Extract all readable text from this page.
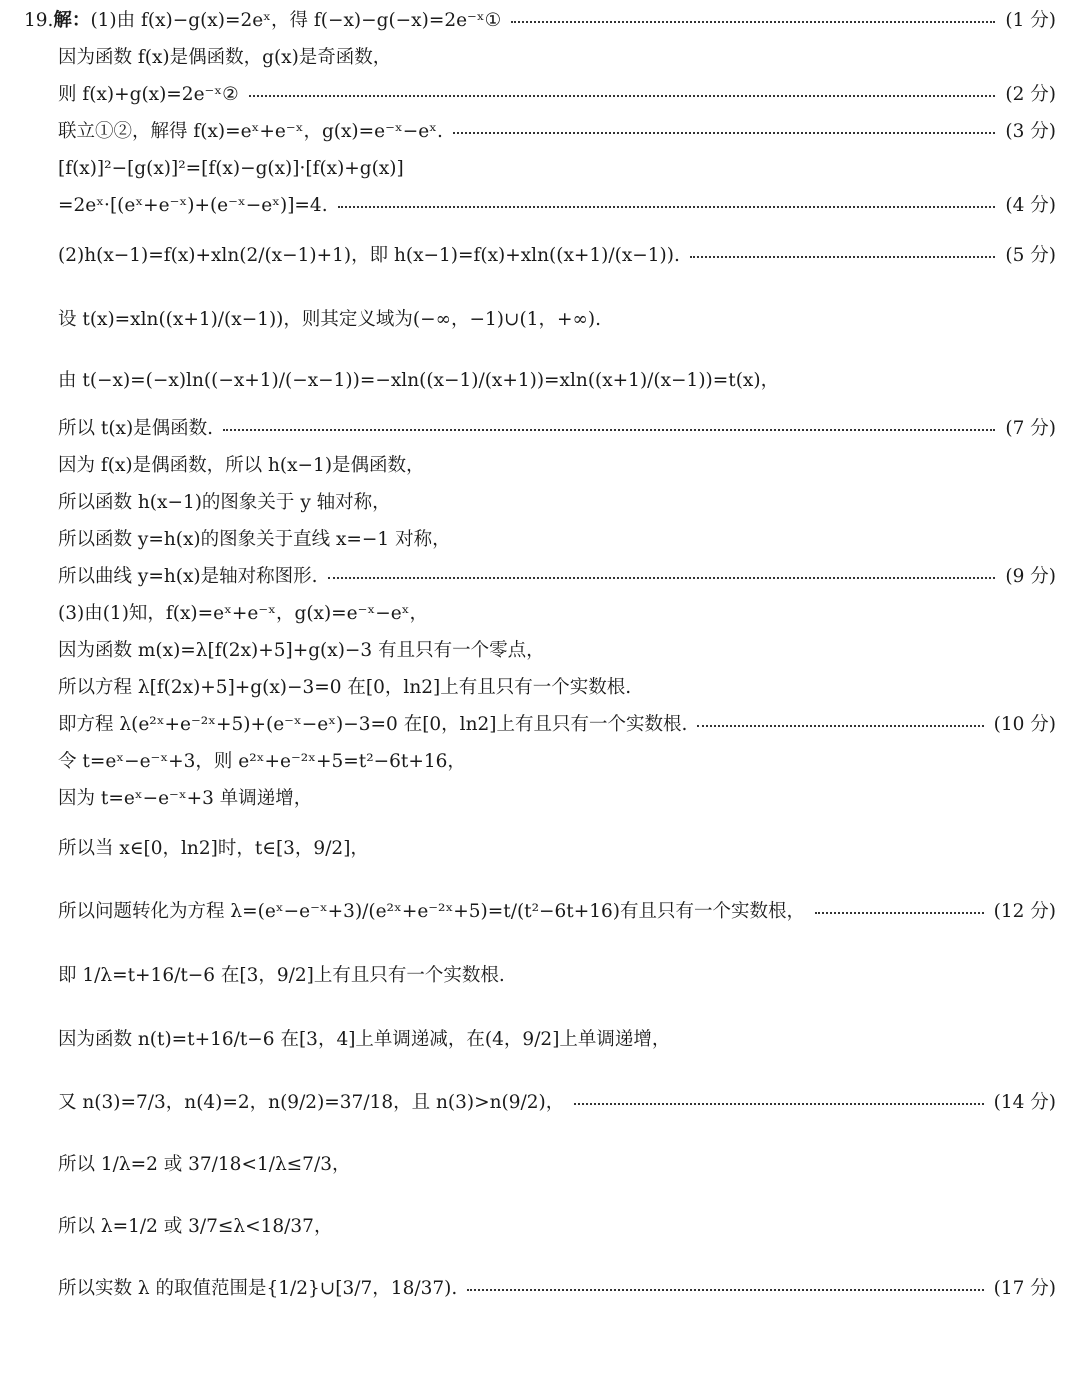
19.解：(1)由 f(x)−g(x)=2eˣ，得 f(−x)−g(−x)=2e⁻ˣ①	(1 分)
因为函数 f(x)是偶函数，g(x)是奇函数，
则 f(x)+g(x)=2e⁻ˣ②	(2 分)
联立①②，解得 f(x)=eˣ+e⁻ˣ，g(x)=e⁻ˣ−eˣ.	(3 分)
[f(x)]²−[g(x)]²=[f(x)−g(x)]·[f(x)+g(x)]
=2eˣ·[(eˣ+e⁻ˣ)+(e⁻ˣ−eˣ)]=4.	(4 分)
(2)h(x−1)=f(x)+xln(2/(x−1)+1)，即 h(x−1)=f(x)+xln((x+1)/(x−1)).	(5 分)
设 t(x)=xln((x+1)/(x−1))，则其定义域为(−∞，−1)∪(1，+∞).
由 t(−x)=(−x)ln((−x+1)/(−x−1))=−xln((x−1)/(x+1))=xln((x+1)/(x−1))=t(x)，
所以 t(x)是偶函数.	(7 分)
因为 f(x)是偶函数，所以 h(x−1)是偶函数，
所以函数 h(x−1)的图象关于 y 轴对称，
所以函数 y=h(x)的图象关于直线 x=−1 对称，
所以曲线 y=h(x)是轴对称图形.	(9 分)
(3)由(1)知，f(x)=eˣ+e⁻ˣ，g(x)=e⁻ˣ−eˣ，
因为函数 m(x)=λ[f(2x)+5]+g(x)−3 有且只有一个零点，
所以方程 λ[f(2x)+5]+g(x)−3=0 在[0，ln2]上有且只有一个实数根.
即方程 λ(e²ˣ+e⁻²ˣ+5)+(e⁻ˣ−eˣ)−3=0 在[0，ln2]上有且只有一个实数根.	(10 分)
令 t=eˣ−e⁻ˣ+3，则 e²ˣ+e⁻²ˣ+5=t²−6t+16，
因为 t=eˣ−e⁻ˣ+3 单调递增，
所以当 x∈[0，ln2]时，t∈[3，9/2]，
所以问题转化为方程 λ=(eˣ−e⁻ˣ+3)/(e²ˣ+e⁻²ˣ+5)=t/(t²−6t+16)有且只有一个实数根，	(12 分)
即 1/λ=t+16/t−6 在[3，9/2]上有且只有一个实数根.
因为函数 n(t)=t+16/t−6 在[3，4]上单调递减，在(4，9/2]上单调递增，
又 n(3)=7/3，n(4)=2，n(9/2)=37/18，且 n(3)>n(9/2)，	(14 分)
所以 1/λ=2 或 37/18<1/λ≤7/3，
所以 λ=1/2 或 3/7≤λ<18/37，
所以实数 λ 的取值范围是{1/2}∪[3/7，18/37).	(17 分)
